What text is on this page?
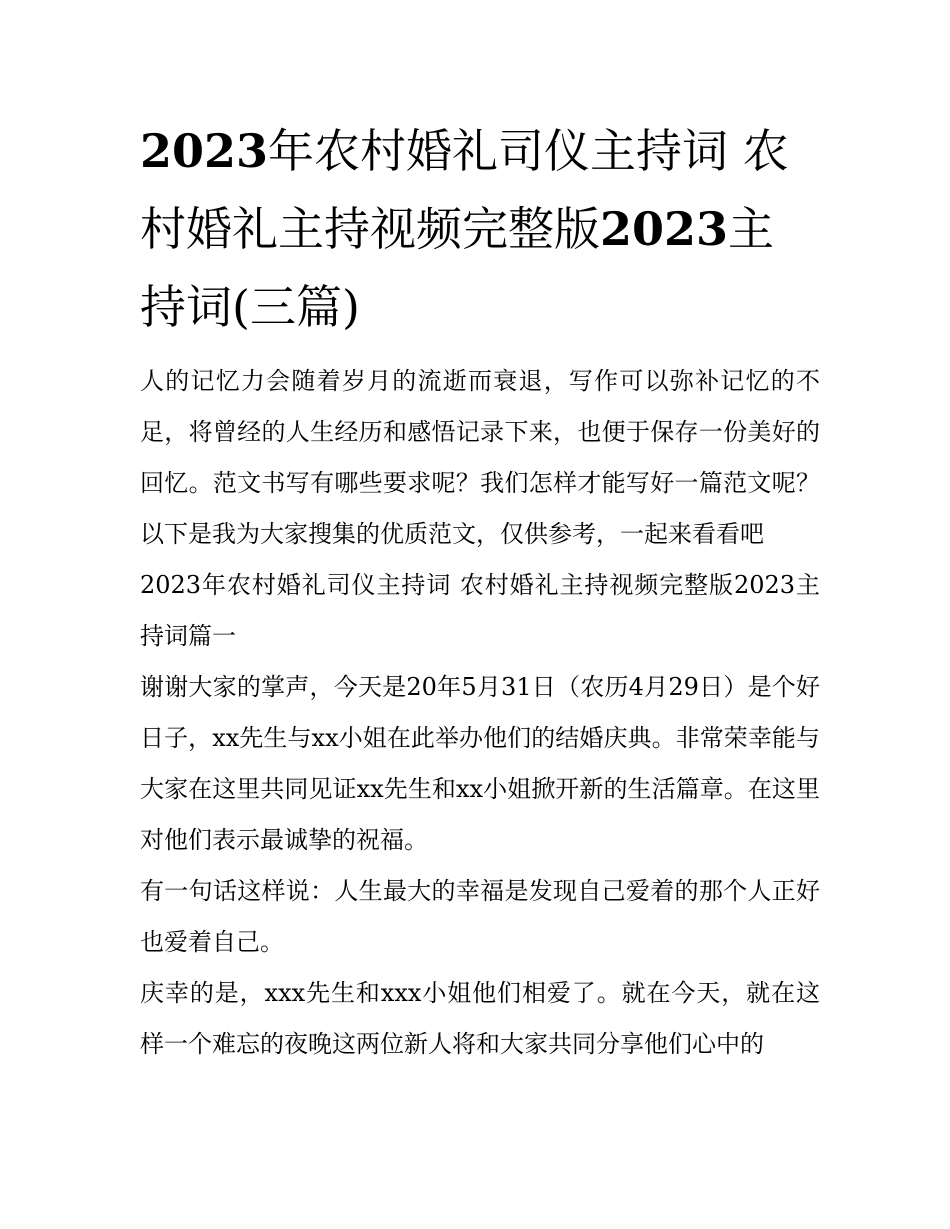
2023年农村婚礼司仪主持词 农村婚礼主持视频完整版2023主持词(三篇)

人的记忆力会随着岁月的流逝而衰退，写作可以弥补记忆的不足，将曾经的人生经历和感悟记录下来，也便于保存一份美好的回忆。范文书写有哪些要求呢？我们怎样才能写好一篇范文呢？以下是我为大家搜集的优质范文，仅供参考，一起来看看吧

2023年农村婚礼司仪主持词 农村婚礼主持视频完整版2023主持词篇一

谢谢大家的掌声，今天是20年5月31日（农历4月29日）是个好日子，xx先生与xx小姐在此举办他们的结婚庆典。非常荣幸能与大家在这里共同见证xx先生和xx小姐掀开新的生活篇章。在这里对他们表示最诚挚的祝福。

有一句话这样说：人生最大的幸福是发现自己爱着的那个人正好也爱着自己。

庆幸的是，xxx先生和xxx小姐他们相爱了。就在今天，就在这样一个难忘的夜晚这两位新人将和大家共同分享他们心中的
